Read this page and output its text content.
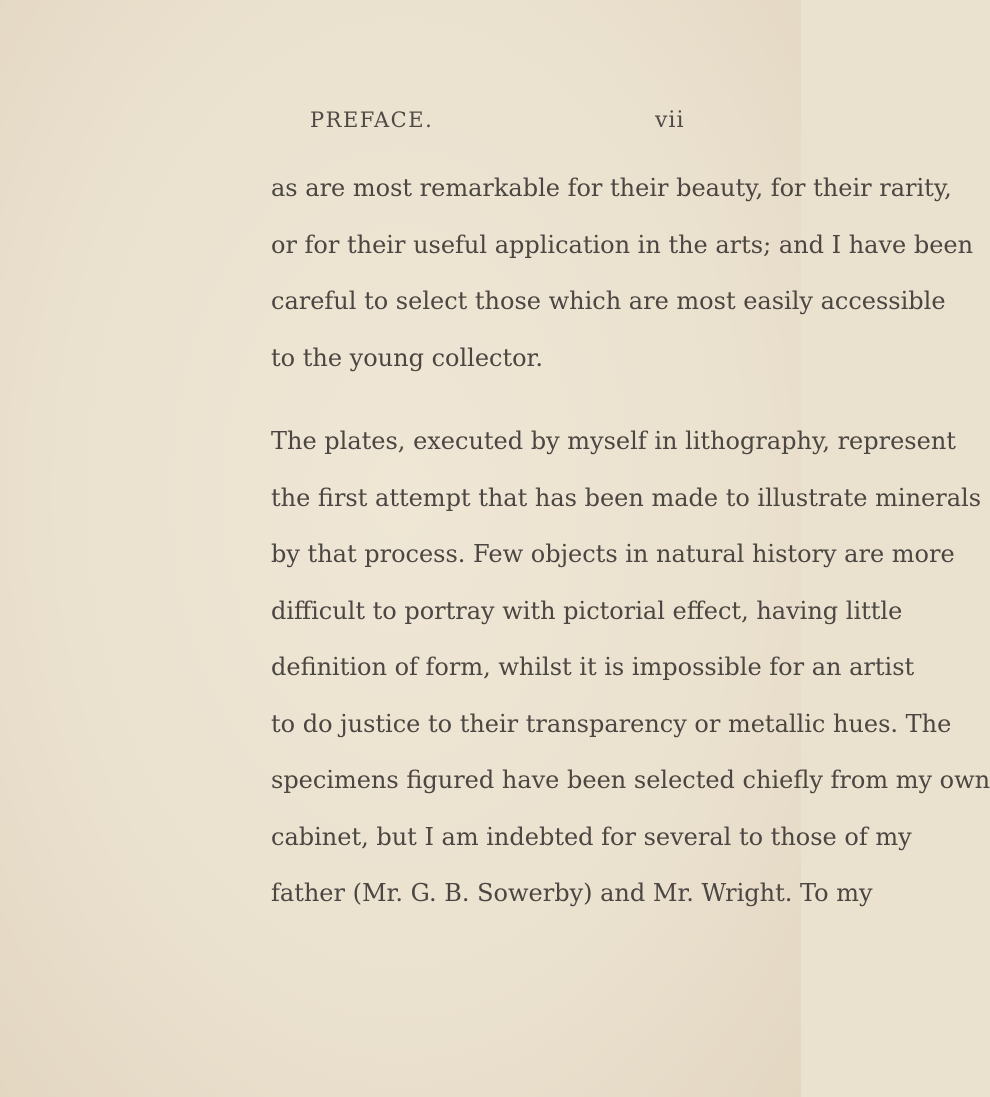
PREFACE.	vii
as are most remarkable for their beauty, for their rarity,
or for their useful application in the arts; and I have been
careful to select those which are most easily accessible
to the young collector.
The plates, executed by myself in lithography, represent
the first attempt that has been made to illustrate minerals
by that process. Few objects in natural history are more
difficult to portray with pictorial effect, having little
definition of form, whilst it is impossible for an artist
to do justice to their transparency or metallic hues. The
specimens figured have been selected chiefly from my own
cabinet, but I am indebted for several to those of my
father (Mr. G. B. Sowerby) and Mr. Wright. To my
